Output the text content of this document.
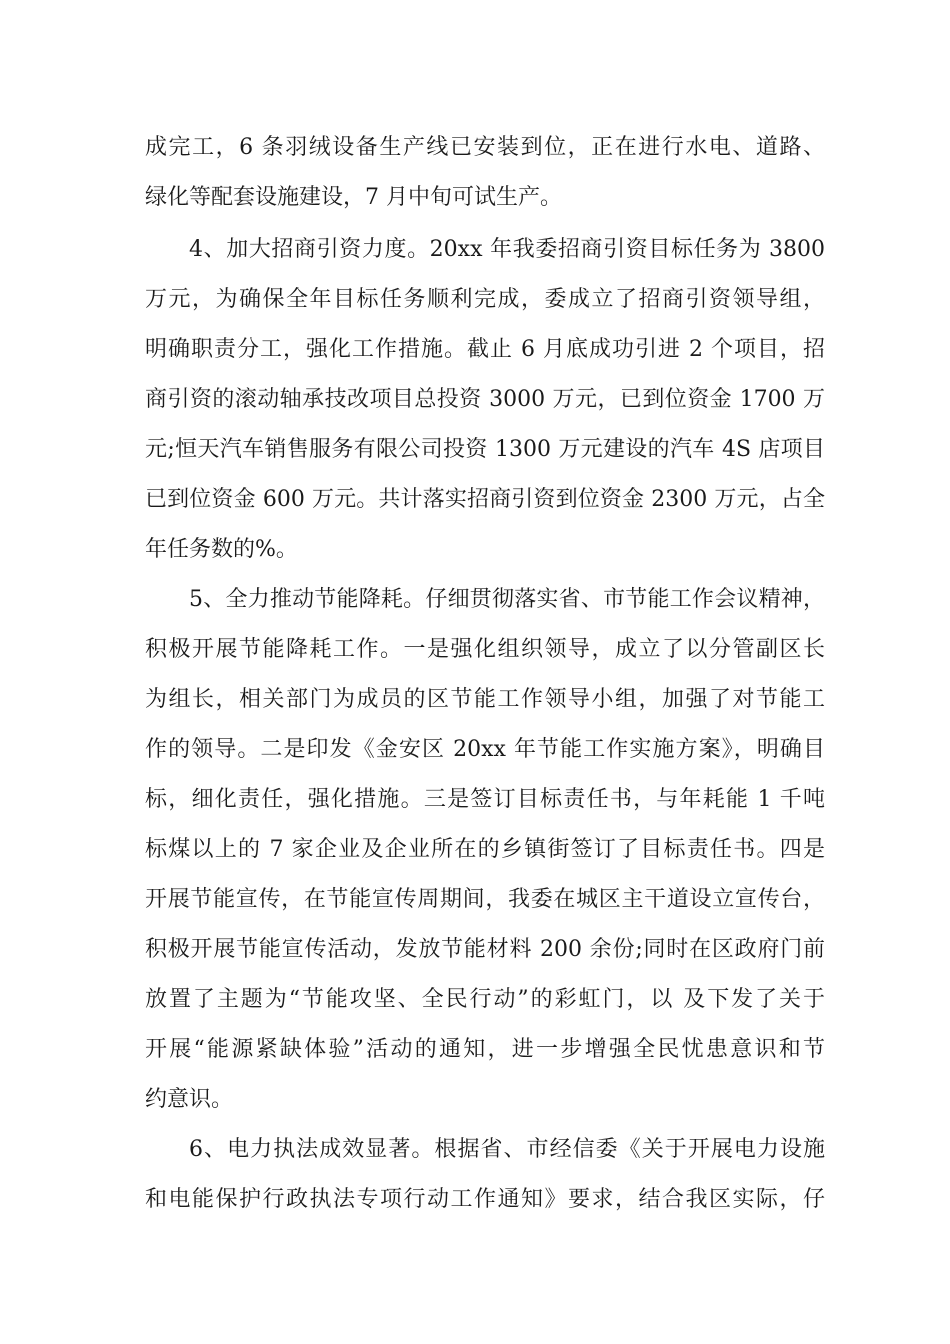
成完工，6 条羽绒设备生产线已安装到位，正在进行水电、道路、
绿化等配套设施建设，7 月中旬可试生产。
4、加大招商引资力度。20xx 年我委招商引资目标任务为 3800
万元，为确保全年目标任务顺利完成，委成立了招商引资领导组，
明确职责分工，强化工作措施。截止 6 月底成功引进 2 个项目，招
商引资的滚动轴承技改项目总投资 3000 万元，已到位资金 1700 万
元;恒天汽车销售服务有限公司投资 1300 万元建设的汽车 4S 店项目
已到位资金 600 万元。共计落实招商引资到位资金 2300 万元，占全
年任务数的%。
5、全力推动节能降耗。仔细贯彻落实省、市节能工作会议精神，
积极开展节能降耗工作。一是强化组织领导，成立了以分管副区长
为组长，相关部门为成员的区节能工作领导小组，加强了对节能工
作的领导。二是印发《金安区 20xx 年节能工作实施方案》，明确目
标，细化责任，强化措施。三是签订目标责任书，与年耗能 1 千吨
标煤以上的 7 家企业及企业所在的乡镇街签订了目标责任书。四是
开展节能宣传，在节能宣传周期间，我委在城区主干道设立宣传台，
积极开展节能宣传活动，发放节能材料 200 余份;同时在区政府门前
放置了主题为“节能攻坚、全民行动”的彩虹门，以 及下发了关于
开展“能源紧缺体验”活动的通知，进一步增强全民忧患意识和节
约意识。
6、电力执法成效显著。根据省、市经信委《关于开展电力设施
和电能保护行政执法专项行动工作通知》要求，结合我区实际，仔
